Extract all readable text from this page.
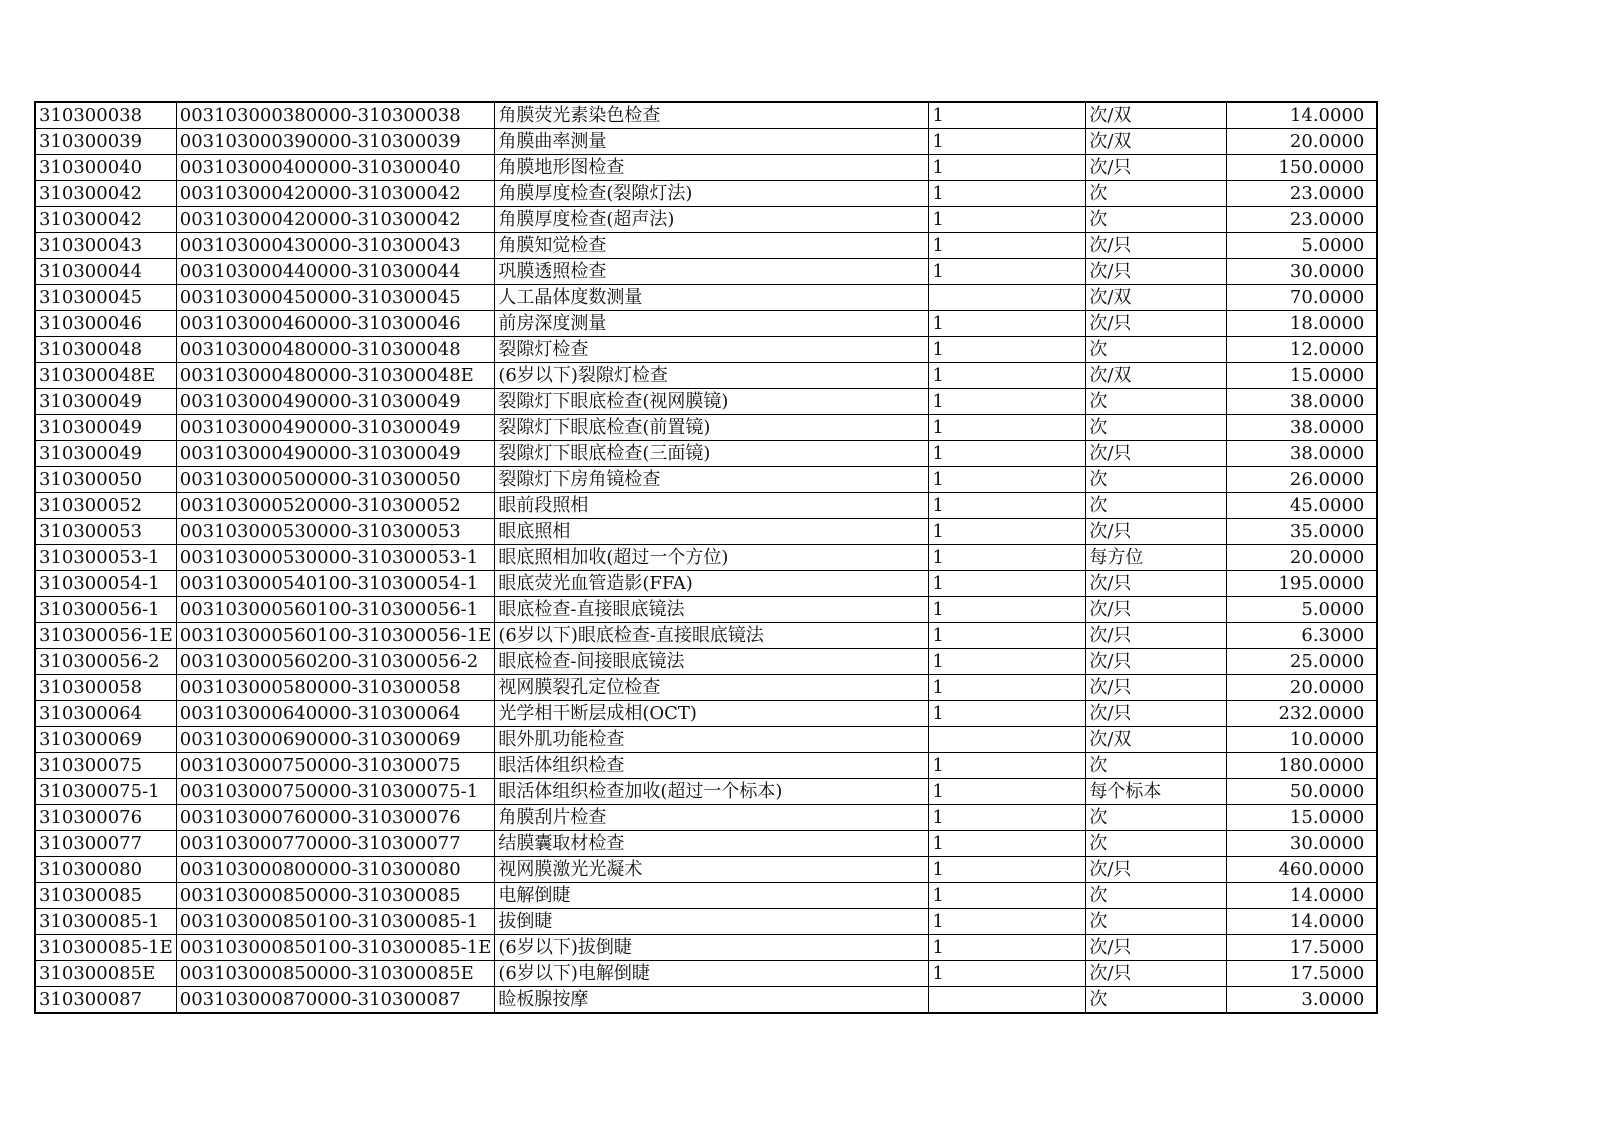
310300038	003103000380000-310300038	角膜荧光素染色检查	1	次/双	14.0000
310300039	003103000390000-310300039	角膜曲率测量	1	次/双	20.0000
310300040	003103000400000-310300040	角膜地形图检查	1	次/只	150.0000
310300042	003103000420000-310300042	角膜厚度检查(裂隙灯法)	1	次	23.0000
310300042	003103000420000-310300042	角膜厚度检查(超声法)	1	次	23.0000
310300043	003103000430000-310300043	角膜知觉检查	1	次/只	5.0000
310300044	003103000440000-310300044	巩膜透照检查	1	次/只	30.0000
310300045	003103000450000-310300045	人工晶体度数测量		次/双	70.0000
310300046	003103000460000-310300046	前房深度测量	1	次/只	18.0000
310300048	003103000480000-310300048	裂隙灯检查	1	次	12.0000
310300048E	003103000480000-310300048E	(6岁以下)裂隙灯检查	1	次/双	15.0000
310300049	003103000490000-310300049	裂隙灯下眼底检查(视网膜镜)	1	次	38.0000
310300049	003103000490000-310300049	裂隙灯下眼底检查(前置镜)	1	次	38.0000
310300049	003103000490000-310300049	裂隙灯下眼底检查(三面镜)	1	次/只	38.0000
310300050	003103000500000-310300050	裂隙灯下房角镜检查	1	次	26.0000
310300052	003103000520000-310300052	眼前段照相	1	次	45.0000
310300053	003103000530000-310300053	眼底照相	1	次/只	35.0000
310300053-1	003103000530000-310300053-1	眼底照相加收(超过一个方位)	1	每方位	20.0000
310300054-1	003103000540100-310300054-1	眼底荧光血管造影(FFA)	1	次/只	195.0000
310300056-1	003103000560100-310300056-1	眼底检查-直接眼底镜法	1	次/只	5.0000
310300056-1E	003103000560100-310300056-1E	(6岁以下)眼底检查-直接眼底镜法	1	次/只	6.3000
310300056-2	003103000560200-310300056-2	眼底检查-间接眼底镜法	1	次/只	25.0000
310300058	003103000580000-310300058	视网膜裂孔定位检查	1	次/只	20.0000
310300064	003103000640000-310300064	光学相干断层成相(OCT)	1	次/只	232.0000
310300069	003103000690000-310300069	眼外肌功能检查		次/双	10.0000
310300075	003103000750000-310300075	眼活体组织检查	1	次	180.0000
310300075-1	003103000750000-310300075-1	眼活体组织检查加收(超过一个标本)	1	每个标本	50.0000
310300076	003103000760000-310300076	角膜刮片检查	1	次	15.0000
310300077	003103000770000-310300077	结膜囊取材检查	1	次	30.0000
310300080	003103000800000-310300080	视网膜激光光凝术	1	次/只	460.0000
310300085	003103000850000-310300085	电解倒睫	1	次	14.0000
310300085-1	003103000850100-310300085-1	拔倒睫	1	次	14.0000
310300085-1E	003103000850100-310300085-1E	(6岁以下)拔倒睫	1	次/只	17.5000
310300085E	003103000850000-310300085E	(6岁以下)电解倒睫	1	次/只	17.5000
310300087	003103000870000-310300087	睑板腺按摩		次	3.0000
